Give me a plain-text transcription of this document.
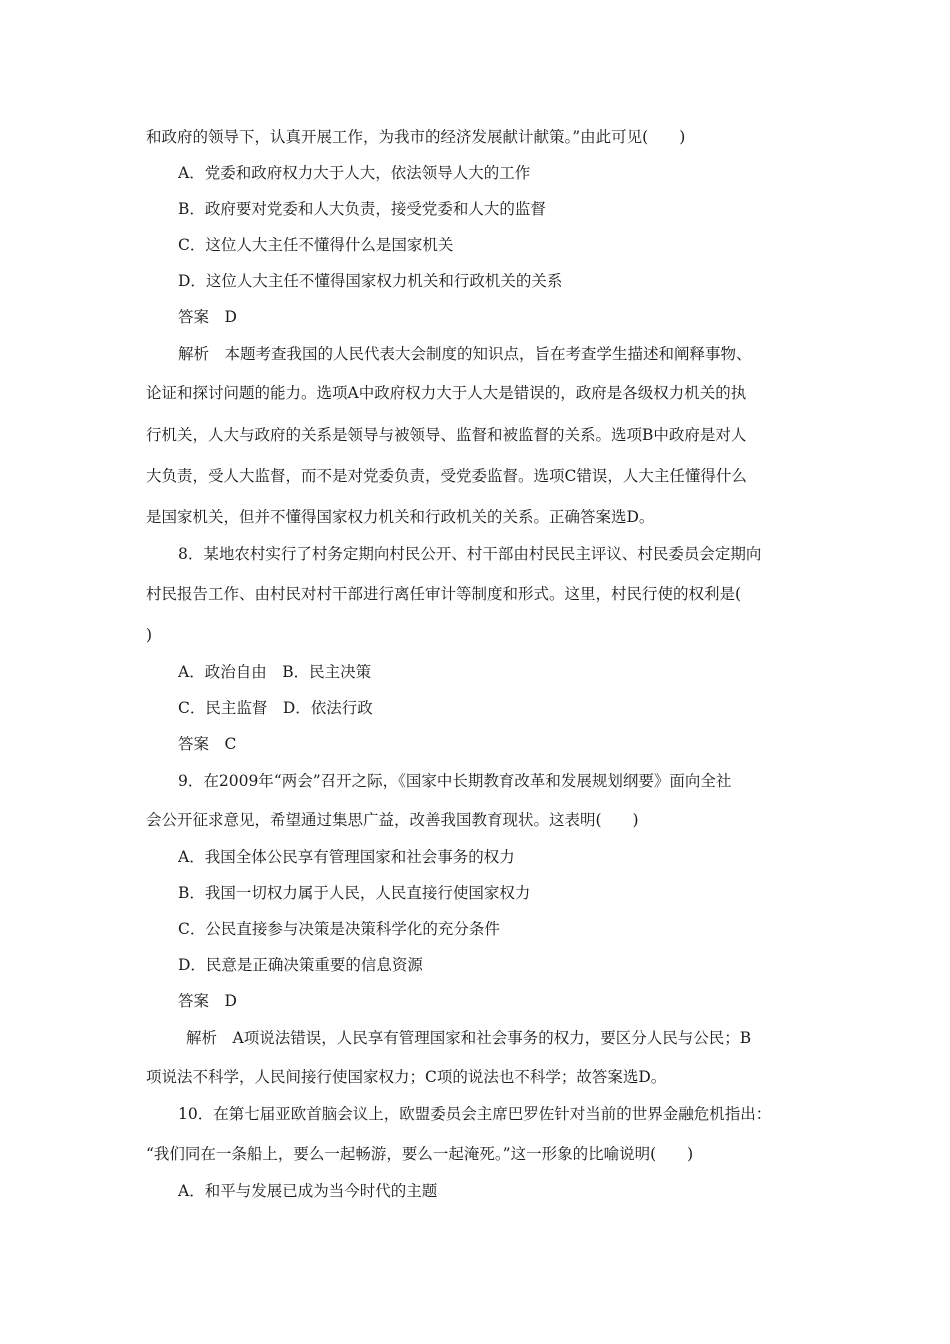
和政府的领导下，认真开展工作，为我市的经济发展献计献策。”由此可见(　　)
A．党委和政府权力大于人大，依法领导人大的工作
B．政府要对党委和人大负责，接受党委和人大的监督
C．这位人大主任不懂得什么是国家机关
D．这位人大主任不懂得国家权力机关和行政机关的关系
答案　D
解析　本题考查我国的人民代表大会制度的知识点，旨在考查学生描述和阐释事物、
论证和探讨问题的能力。选项A中政府权力大于人大是错误的，政府是各级权力机关的执
行机关，人大与政府的关系是领导与被领导、监督和被监督的关系。选项B中政府是对人
大负责，受人大监督，而不是对党委负责，受党委监督。选项C错误，人大主任懂得什么
是国家机关，但并不懂得国家权力机关和行政机关的关系。正确答案选D。
8．某地农村实行了村务定期向村民公开、村干部由村民民主评议、村民委员会定期向
村民报告工作、由村民对村干部进行离任审计等制度和形式。这里，村民行使的权利是(
)
A．政治自由　B．民主决策
C．民主监督　D．依法行政
答案　C
9．在2009年“两会”召开之际，《国家中长期教育改革和发展规划纲要》面向全社
会公开征求意见，希望通过集思广益，改善我国教育现状。这表明(　　)
A．我国全体公民享有管理国家和社会事务的权力
B．我国一切权力属于人民，人民直接行使国家权力
C．公民直接参与决策是决策科学化的充分条件
D．民意是正确决策重要的信息资源
答案　D
解析　A项说法错误，人民享有管理国家和社会事务的权力，要区分人民与公民；B
项说法不科学，人民间接行使国家权力；C项的说法也不科学；故答案选D。
10．在第七届亚欧首脑会议上，欧盟委员会主席巴罗佐针对当前的世界金融危机指出：
“我们同在一条船上，要么一起畅游，要么一起淹死。”这一形象的比喻说明(　　)
A．和平与发展已成为当今时代的主题
